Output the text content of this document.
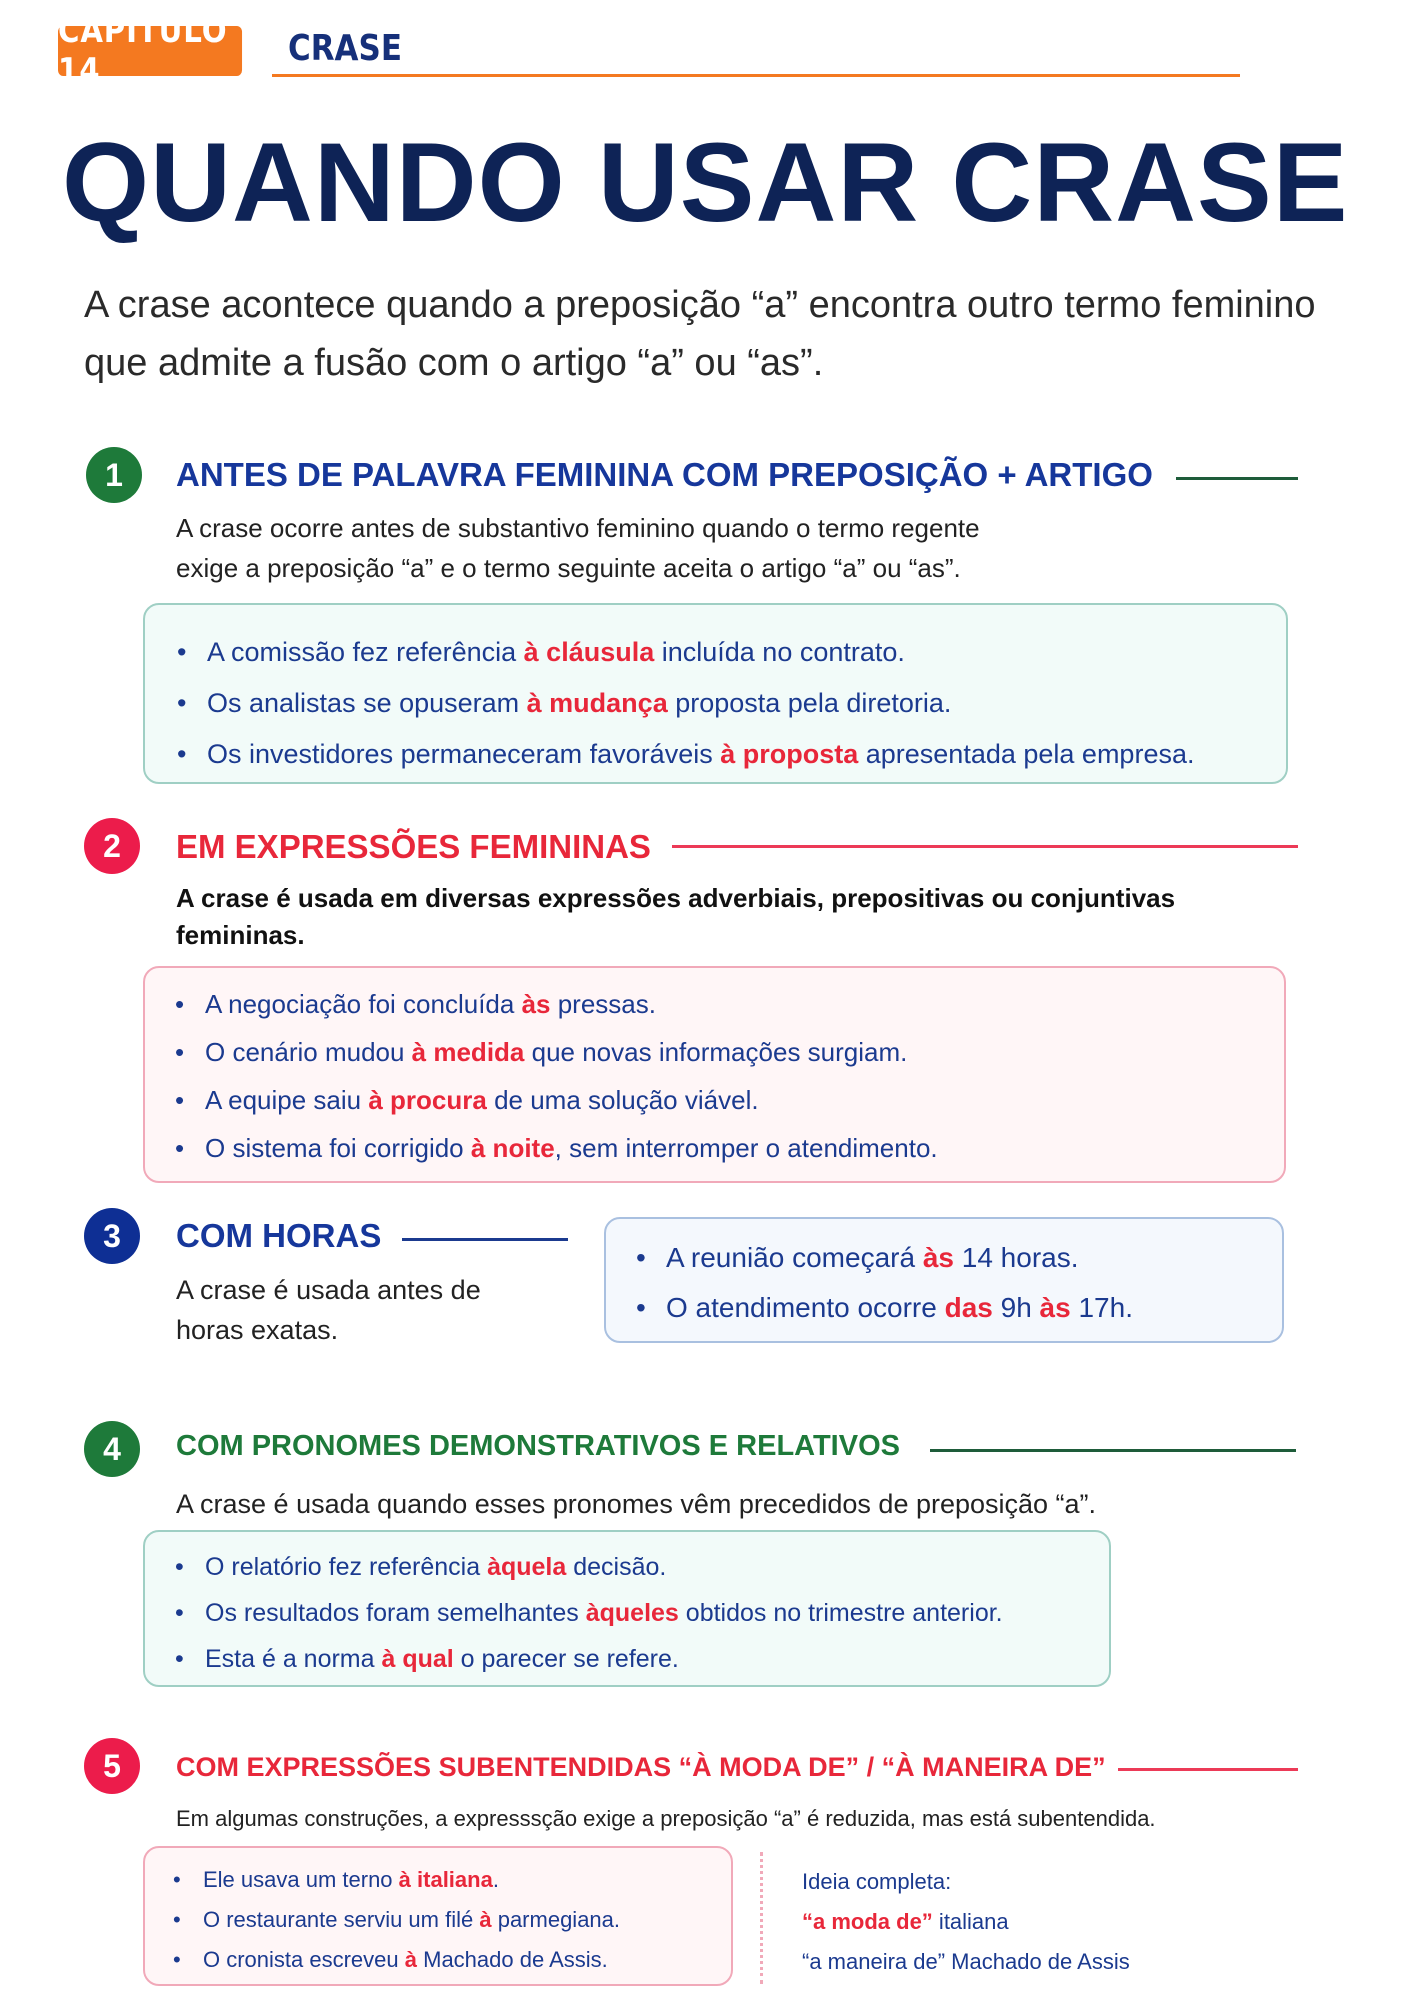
CAPÍTULO 14
CRASE
QUANDO USAR CRASE
A crase acontece quando a preposição “a” encontra outro termo feminino que admite a fusão com o artigo “a” ou “as”.
1	ANTES DE PALAVRA FEMININA COM PREPOSIÇÃO + ARTIGO
A crase ocorre antes de substantivo feminino quando o termo regente
exige a preposição “a” e o termo seguinte aceita o artigo “a” ou “as”.
• A comissão fez referência à cláusula incluída no contrato.
• Os analistas se opuseram à mudança proposta pela diretoria.
• Os investidores permaneceram favoráveis à proposta apresentada pela empresa.
2	EM EXPRESSÕES FEMININAS
A crase é usada em diversas expressões adverbiais, prepositivas ou conjuntivas
femininas.
• A negociação foi concluída às pressas.
• O cenário mudou à medida que novas informações surgiam.
• A equipe saiu à procura de uma solução viável.
• O sistema foi corrigido à noite, sem interromper o atendimento.
3	COM HORAS
A crase é usada antes de
horas exatas.
• A reunião começará às 14 horas.
• O atendimento ocorre das 9h às 17h.
4	COM PRONOMES DEMONSTRATIVOS E RELATIVOS
A crase é usada quando esses pronomes vêm precedidos de preposição “a”.
• O relatório fez referência àquela decisão.
• Os resultados foram semelhantes àqueles obtidos no trimestre anterior.
• Esta é a norma à qual o parecer se refere.
5	COM EXPRESSÕES SUBENTENDIDAS “À MODA DE” / “À MANEIRA DE”
Em algumas construções, a expresssção exige a preposição “a” é reduzida, mas está subentendida.
• Ele usava um terno à italiana.
• O restaurante serviu um filé à parmegiana.
• O cronista escreveu à Machado de Assis.
Ideia completa:
“a moda de” italiana
“a maneira de” Machado de Assis
